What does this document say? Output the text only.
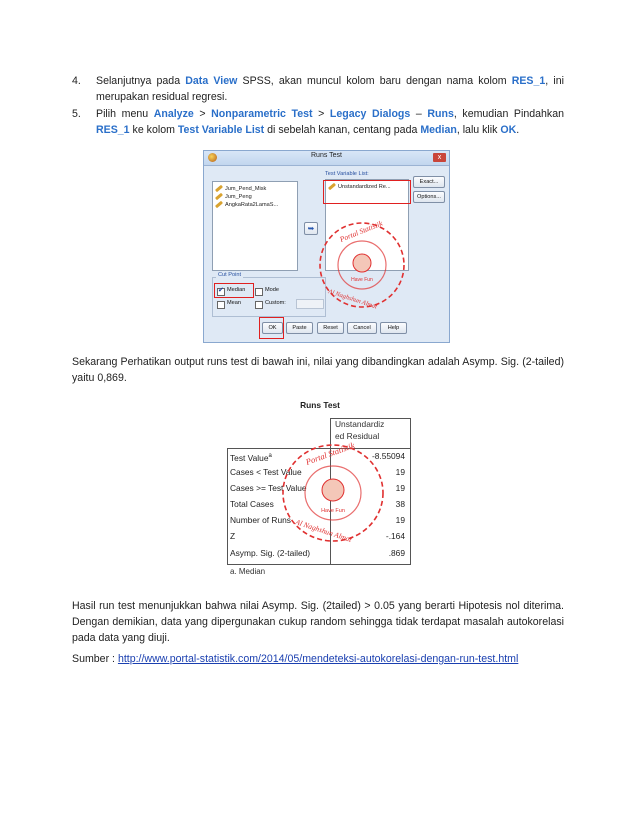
4. Selanjutnya pada Data View SPSS, akan muncul kolom baru dengan nama kolom RES_1, ini merupakan residual regresi.
5. Pilih menu Analyze > Nonparametric Test > Legacy Dialogs – Runs, kemudian Pindahkan RES_1 ke kolom Test Variable List di sebelah kanan, centang pada Median, lalu klik OK.
Runs Test	x
Jum_Pend_Misk
Jum_Peng
AngkaRata2LamaS...
➥
Test Variable List:
Unstandardized Re...
Exact...
Options...
Cut Point
✔ Median	Mode
Mean	Custom:
OK	Paste	Reset	Cancel	Help
Portal Statistik
Have Fun
Al Naghshun Almat
Sekarang Perhatikan output runs test di bawah ini, nilai yang dibandingkan adalah Asymp. Sig. (2-tailed) yaitu 0,869.
Runs Test
Unstandardiz
ed Residual
Test Value$^a$	-8.55094
Cases < Test Value	19
Cases >= Test Value	19
Total Cases	38
Number of Runs	19
Z	-.164
Asymp. Sig. (2-tailed)	.869
Portal Statistik
Have Fun
Al Naghshun Almat
a. Median
Hasil run test menunjukkan bahwa nilai Asymp. Sig. (2tailed) > 0.05 yang berarti Hipotesis nol diterima. Dengan demikian, data yang dipergunakan cukup random sehingga tidak terdapat masalah autokorelasi pada data yang diuji.
Sumber : http://www.portal-statistik.com/2014/05/mendeteksi-autokorelasi-dengan-run-test.html
